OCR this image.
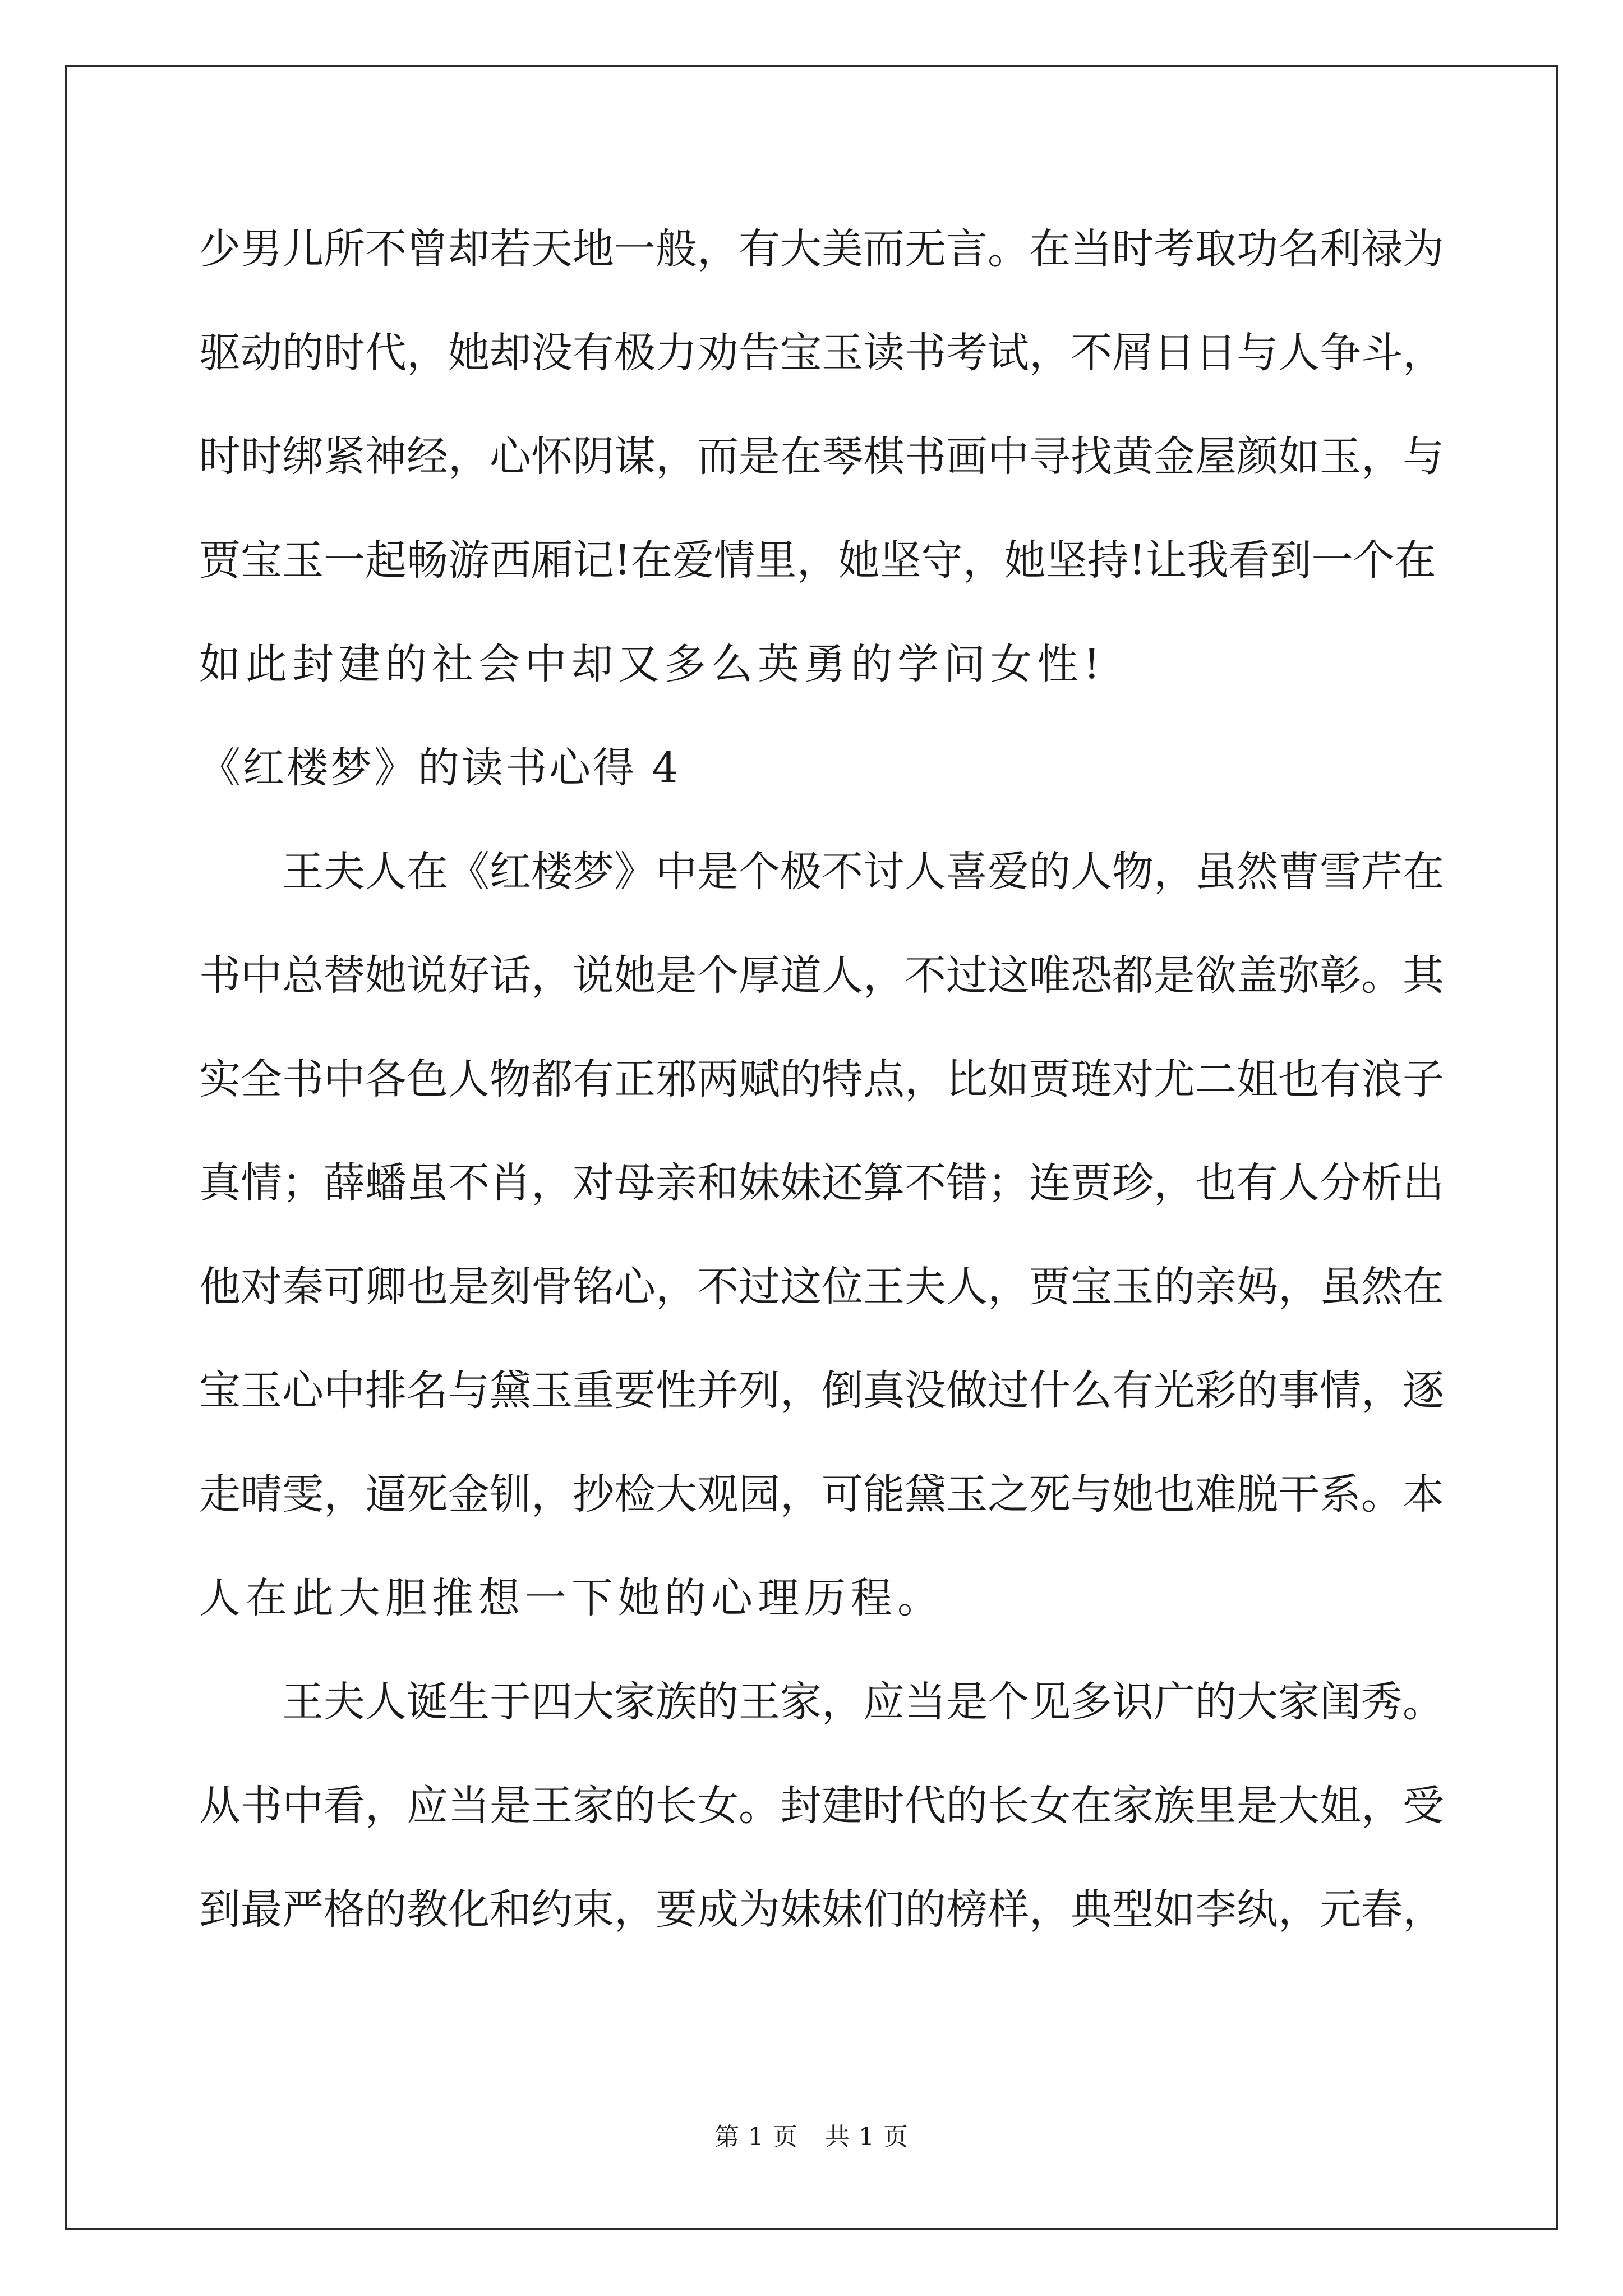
少男儿所不曾却若天地一般，有大美而无言。在当时考取功名利禄为
驱动的时代，她却没有极力劝告宝玉读书考试，不屑日日与人争斗，
时时绑紧神经，心怀阴谋，而是在琴棋书画中寻找黄金屋颜如玉，与
贾宝玉一起畅游西厢记!在爱情里，她坚守，她坚持!让我看到一个在
如此封建的社会中却又多么英勇的学问女性!
《红楼梦》的读书心得 4
王夫人在《红楼梦》中是个极不讨人喜爱的人物，虽然曹雪芹在
书中总替她说好话，说她是个厚道人，不过这唯恐都是欲盖弥彰。其
实全书中各色人物都有正邪两赋的特点，比如贾琏对尤二姐也有浪子
真情；薛蟠虽不肖，对母亲和妹妹还算不错；连贾珍，也有人分析出
他对秦可卿也是刻骨铭心，不过这位王夫人，贾宝玉的亲妈，虽然在
宝玉心中排名与黛玉重要性并列，倒真没做过什么有光彩的事情，逐
走晴雯，逼死金钏，抄检大观园，可能黛玉之死与她也难脱干系。本
人在此大胆推想一下她的心理历程。
王夫人诞生于四大家族的王家，应当是个见多识广的大家闺秀。
从书中看，应当是王家的长女。封建时代的长女在家族里是大姐，受
到最严格的教化和约束，要成为妹妹们的榜样，典型如李纨，元春，
第 1 页 共 1 页
